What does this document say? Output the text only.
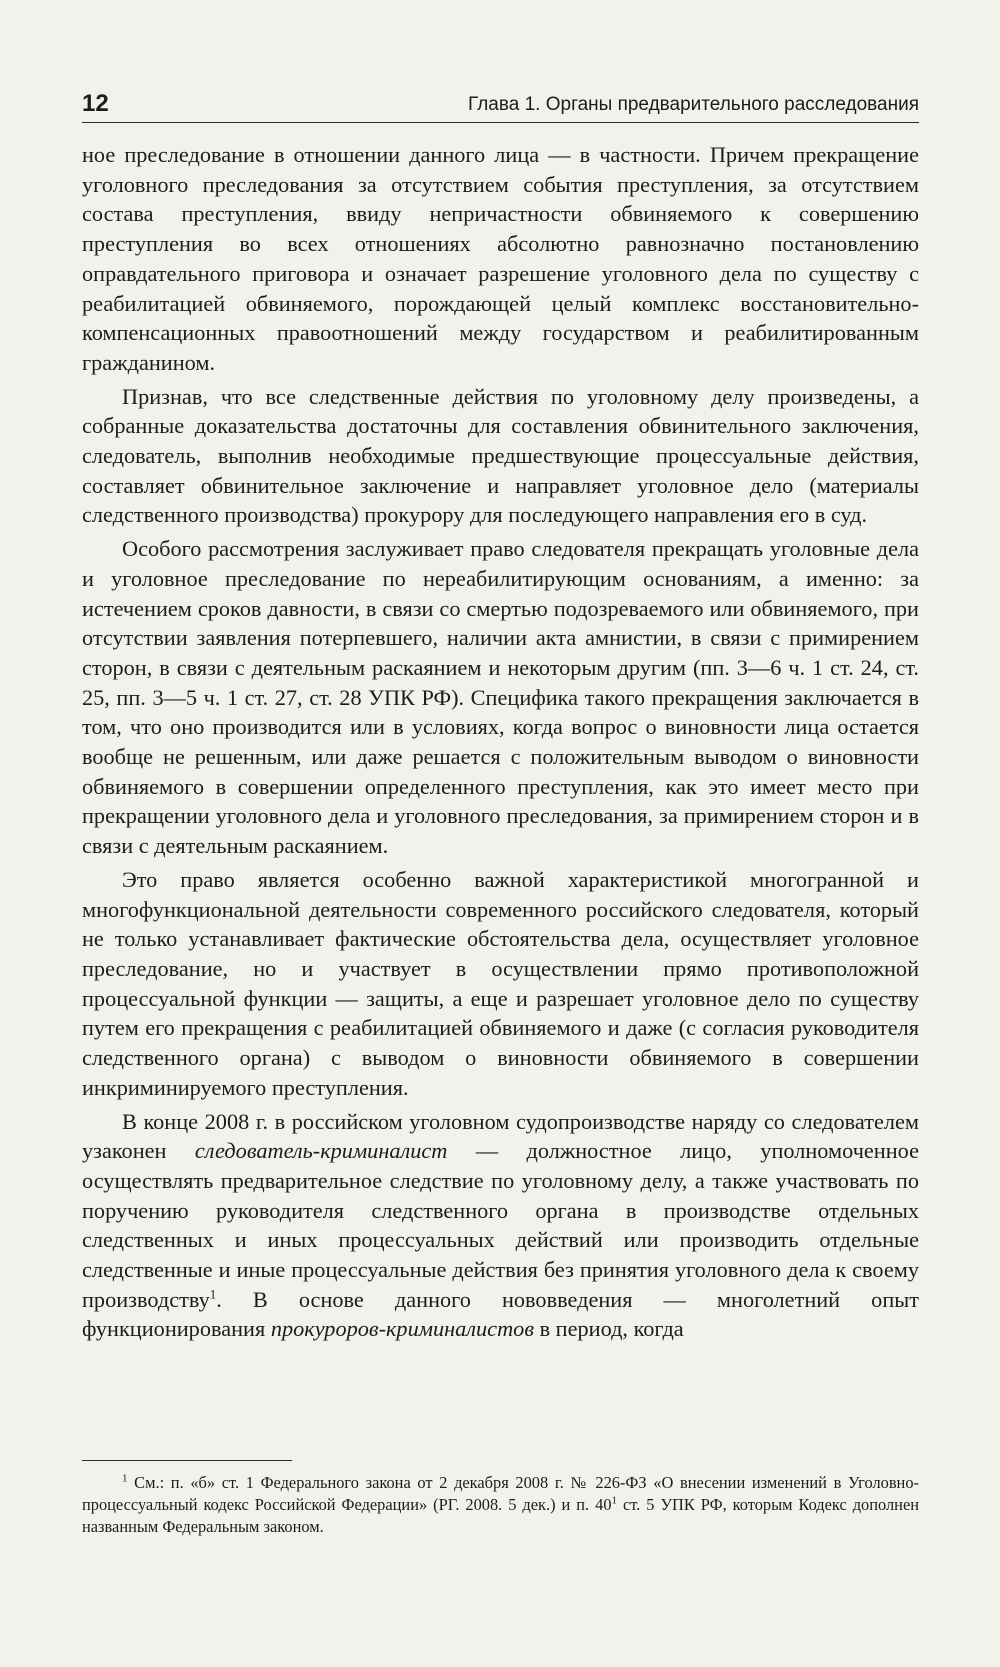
12	Глава 1. Органы предварительного расследования

ное преследование в отношении данного лица — в частности. Причем прекращение уголовного преследования за отсутствием события преступления, за отсутствием состава преступления, ввиду непричастности обвиняемого к совершению преступления во всех отношениях абсолютно равнозначно постановлению оправдательного приговора и означает разрешение уголовного дела по существу с реабилитацией обвиняемого, порождающей целый комплекс восстановительно-компенсационных правоотношений между государством и реабилитированным гражданином.

Признав, что все следственные действия по уголовному делу произведены, а собранные доказательства достаточны для составления обвинительного заключения, следователь, выполнив необходимые предшествующие процессуальные действия, составляет обвинительное заключение и направляет уголовное дело (материалы следственного производства) прокурору для последующего направления его в суд.

Особого рассмотрения заслуживает право следователя прекращать уголовные дела и уголовное преследование по нереабилитирующим основаниям, а именно: за истечением сроков давности, в связи со смертью подозреваемого или обвиняемого, при отсутствии заявления потерпевшего, наличии акта амнистии, в связи с примирением сторон, в связи с деятельным раскаянием и некоторым другим (пп. 3—6 ч. 1 ст. 24, ст. 25, пп. 3—5 ч. 1 ст. 27, ст. 28 УПК РФ). Специфика такого прекращения заключается в том, что оно производится или в условиях, когда вопрос о виновности лица остается вообще не решенным, или даже решается с положительным выводом о виновности обвиняемого в совершении определенного преступления, как это имеет место при прекращении уголовного дела и уголовного преследования, за примирением сторон и в связи с деятельным раскаянием.

Это право является особенно важной характеристикой многогранной и многофункциональной деятельности современного российского следователя, который не только устанавливает фактические обстоятельства дела, осуществляет уголовное преследование, но и участвует в осуществлении прямо противоположной процессуальной функции — защиты, а еще и разрешает уголовное дело по существу путем его прекращения с реабилитацией обвиняемого и даже (с согласия руководителя следственного органа) с выводом о виновности обвиняемого в совершении инкриминируемого преступления.

В конце 2008 г. в российском уголовном судопроизводстве наряду со следователем узаконен следователь-криминалист — должностное лицо, уполномоченное осуществлять предварительное следствие по уголовному делу, а также участвовать по поручению руководителя следственного органа в производстве отдельных следственных и иных процессуальных действий или производить отдельные следственные и иные процессуальные действия без принятия уголовного дела к своему производству$^1$. В основе данного нововведения — многолетний опыт функционирования прокуроров-криминалистов в период, когда

$^1$ См.: п. «б» ст. 1 Федерального закона от 2 декабря 2008 г. № 226-ФЗ «О внесении изменений в Уголовно-процессуальный кодекс Российской Федерации» (РГ. 2008. 5 дек.) и п. 40$^1$ ст. 5 УПК РФ, которым Кодекс дополнен названным Федеральным законом.
